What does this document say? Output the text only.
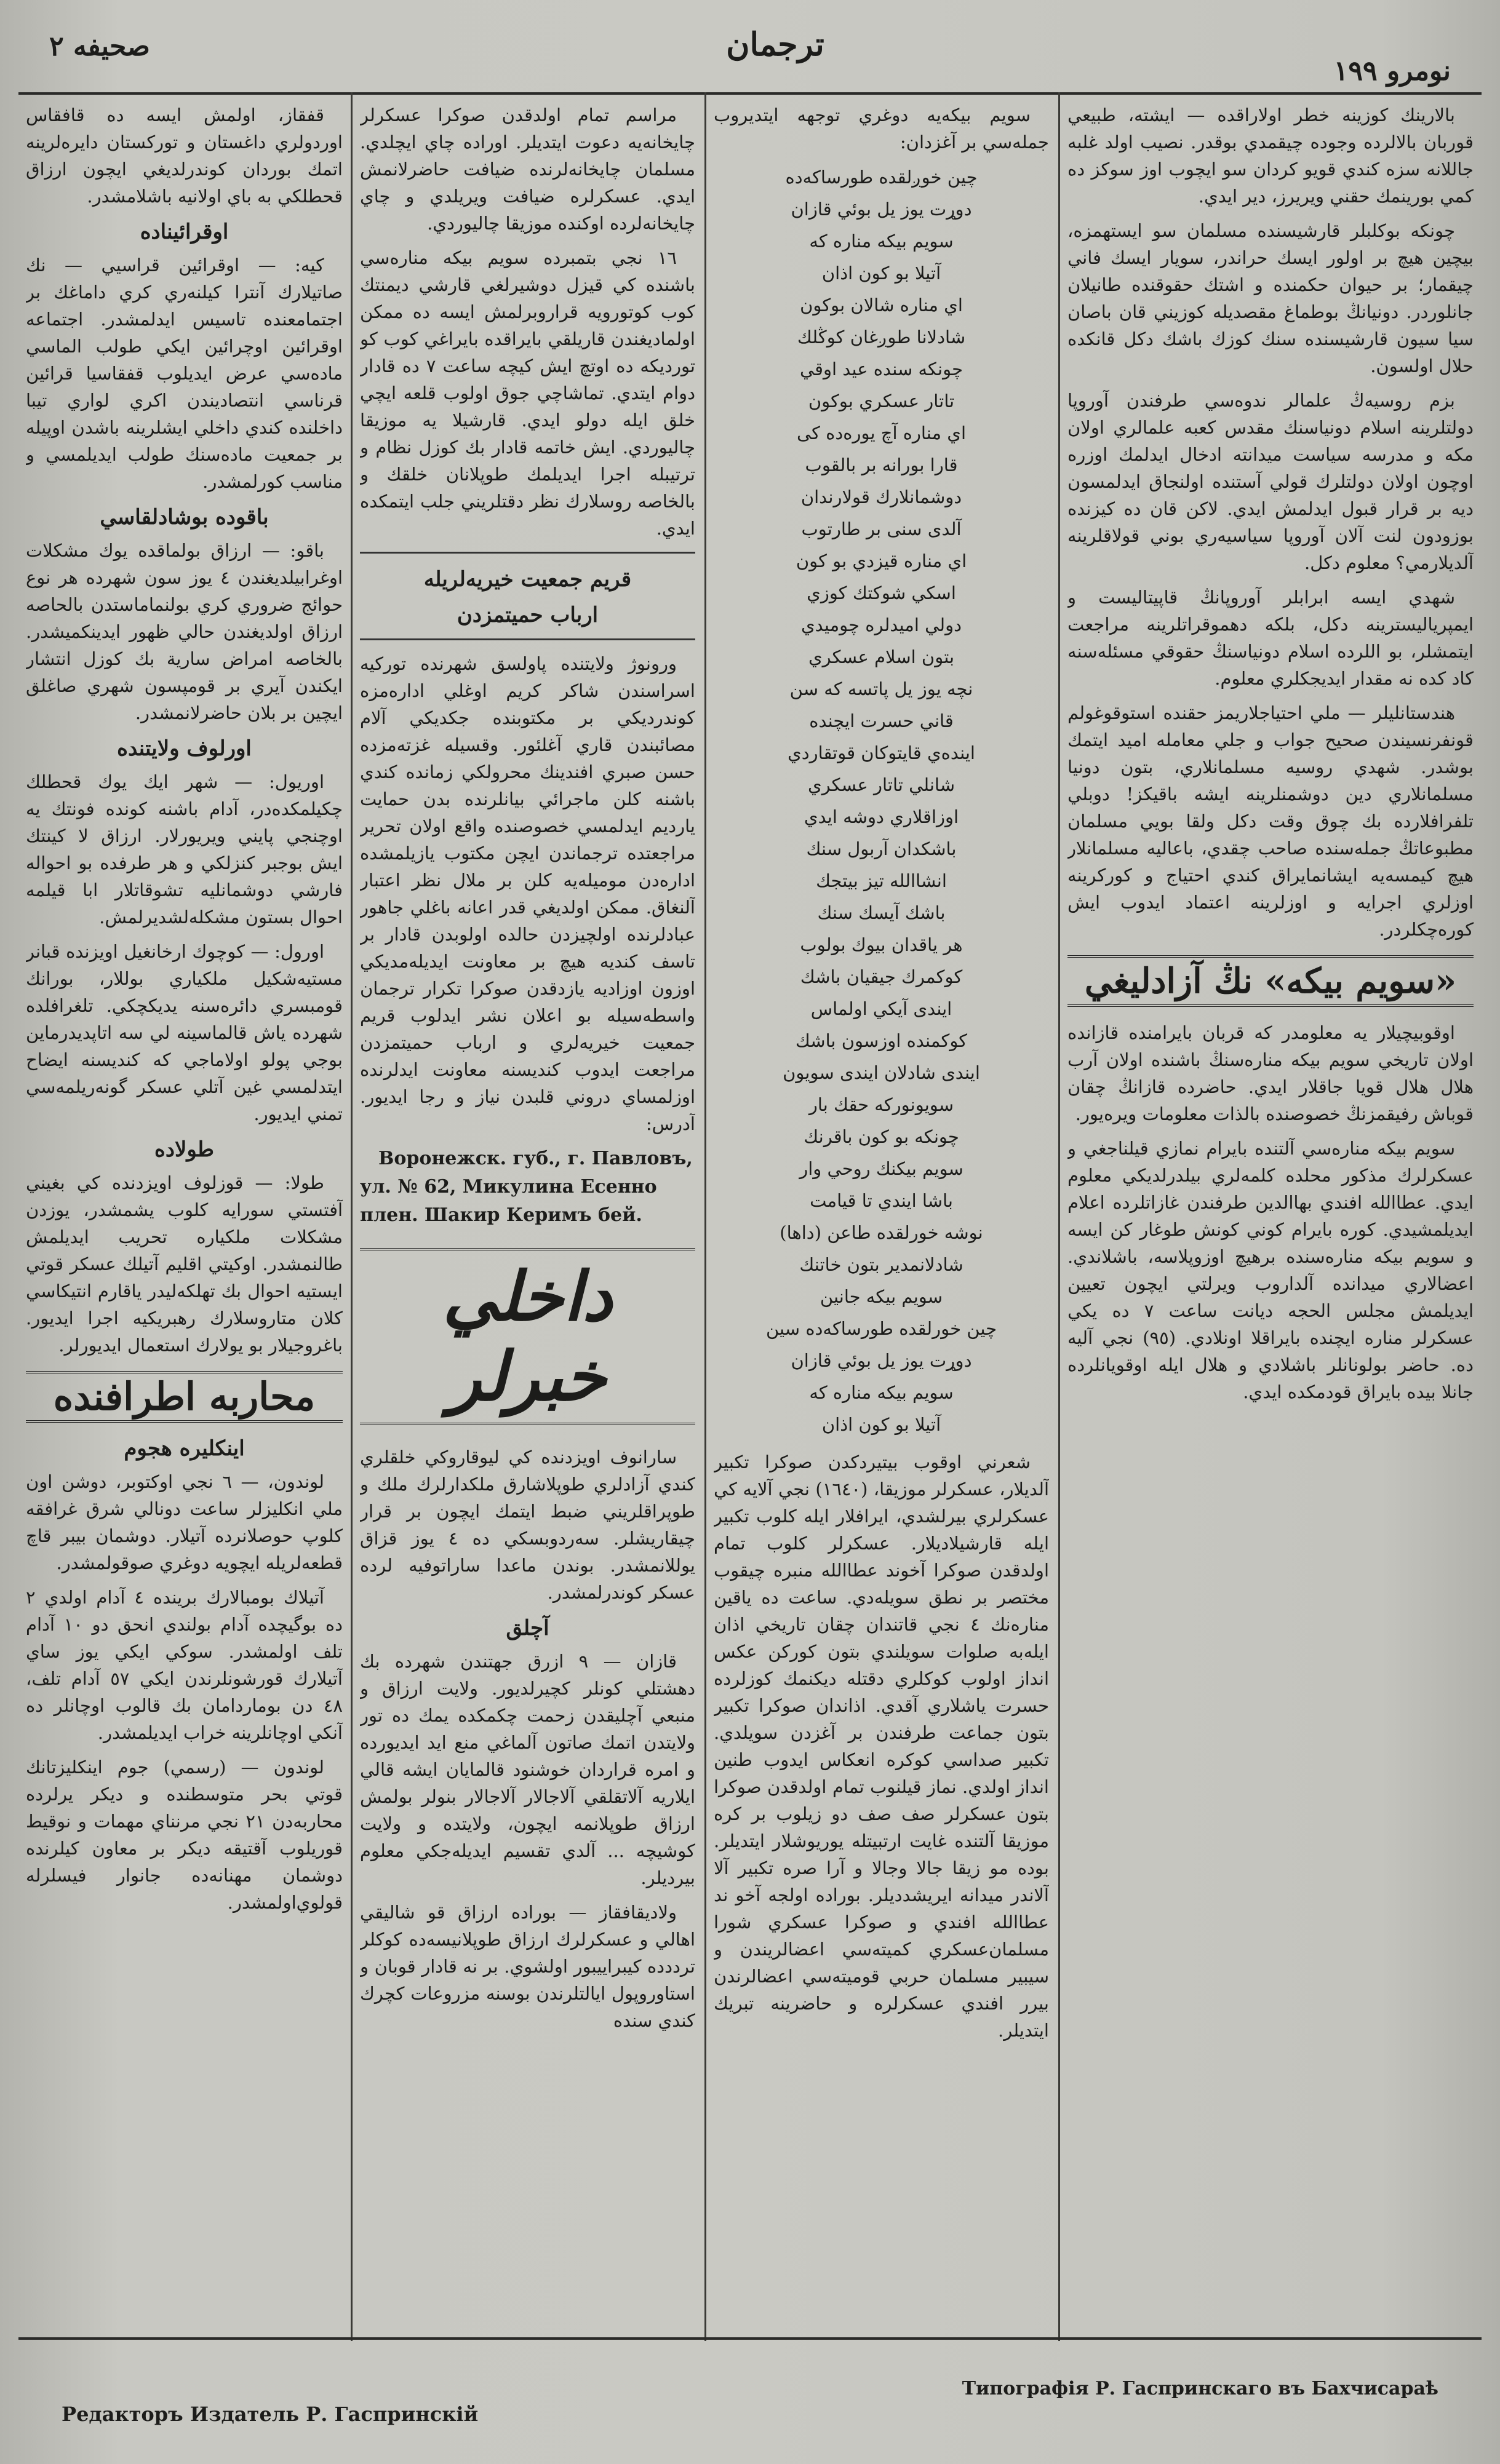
صحيفه ٢	ترجمان
نومرو ١٩٩

بالارينك كوزينه خطر اولاراقده — ايشته، طبيعي قوربان بالالرده وجوده چيقمدي بوقدر. نصيب اولد غلبه جاللانه سزه كندي قويو كردان سو ايچوب اوز سوكز ده كمي بورينمك حقني ويريرز، دير ايدي.

چونكه بوكلبلر قارشيسنده مسلمان سو ايستهمزه، بيچين هيچ بر اولور ايسك حراندر، سويار ايسك فاني چيقمار؛ بر حيوان حكمنده و اشتك حقوقنده طانيلان جانلوردر. دونيانڭ بوطماغ مقصديله كوزيني قان باصان سيا سيون قارشيسنده سنك كوزك باشك دكل قانكده حلال اولسون.

بزم روسيه‌ڭ علمالر ندوه‌سي طرفندن آوروپا دولتلرينه اسلام دونياسنك مقدس كعبه علمالري اولان مكه و مدرسه سياست ميدانته ادخال ايدلمك اوزره اوچون اولان دولتلرك قولي آستنده اولنجاق ايدلمسون ديه بر قرار قبول ايدلمش ايدي. لاكن قان ده كيزنده بوزودون لنت آلان آوروپا سياسيه‌ري بوني قولاقلرينه آلديلارمي؟ معلوم دكل.

شهدي ايسه ابرابلر آوروپانڭ قاپيتاليست و ايمپرياليسترينه دكل، بلكه دهموقراتلرينه مراجعت ايتمشلر، بو اللرده اسلام دونياسنڭ حقوقي مسئله‌سنه كاد كده نه مقدار ايديجكلري معلوم.

هندستانليلر — ملي احتياجلاريمز حقنده استوقوغولم قونفرنسيندن صحيح جواب و جلي معامله اميد ايتمك بوشدر. شهدي روسيه مسلمانلاري، بتون دونيا مسلمانلاري دين دوشمنلرينه ايشه باقيكز! دوبلي تلفرافلارده بك چوق وقت دكل ولقا بويي مسلمان مطبوعاتڭ جمله‌سنده صاحب چقدي، باعاليه مسلمانلار هيچ كيمسه‌يه ايشانمايراق كندي احتياج و كوركرينه اوزلري اجرايه و اوزلرينه اعتماد ايدوب ايش كوره‌چكلردر.

«سويم بيكه» نڭ آزادليغي

اوقوبيچيلار يه معلومدر كه قربان بايرامنده قازانده اولان تاريخي سويم بيكه مناره‌سنڭ باشنده اولان آرب هلال هلال قويا جاقلار ايدي. حاضرده قازانڭ چقان قوباش رفيقمزنڭ خصوصنده بالذات معلومات ويره‌يور.

سويم بيكه مناره‌سي آلتنده بايرام نمازي قيلناجغي و عسكرلرك مذكور محلده كلمه‌لري بيلدرلديكي معلوم ايدي. عطاالله افندي بهاالدين طرفندن غازاتلرده اعلام ايديلمشيدي. كوره بايرام كوني كونش طوغار كن ايسه و سويم بيكه مناره‌سنده برهيچ اوزوپلاسه، باشلاندي. اعضالاري ميدانده آلداروب ويرلتي ايچون تعيين ايديلمش مجلس الحجه ديانت ساعت ٧ ده يكي عسكرلر مناره ايچنده بايراقلا اونلادي. (٩٥) نجي آليه ده. حاضر بولونانلر باشلادي و هلال ايله اوقويانلرده جانلا بيده بايراق قودمكده ايدي.

سويم بيكه‌يه دوغري توجهه ايتديروب جمله‌سي بر آغزدان:

چين خوږلقده طورساكه‌ده
دوړت يوز يل بوئي قازان
سويم بيكه مناره كه
آتيلا بو كون اذان
اي مناره شالان بوكون
شادلانا طوږغان كوڭلك
چونكه سنده عيد اوقي
تاتار عسكري بوكون
اي مناره آچ يوره‌ده كى
قارا بورانه بر بالقوب
دوشمانلارك قولارندان
آلدى سنى بر طارتوب
اي مناره قيزدي بو كون
اسكي شوكتك كوزي
دولي اميدلره چوميدي
بتون اسلام عسكري
نچه يوز يل پاتسه كه سن
قاني حسرت ايچنده
اينده‌ي قايتوكان قوتقاردي
شانلي تاتار عسكري
اوزاقلاري دوشه ايدي
باشكدان آربول سنك
انشاالله تيز بيتجك
باشك آيسك سنك
هر ياقدان بيوك بولوب
كوكمرك جيقيان باشك
ايندى آيكي اولماس
كوكمنده اوزسون باشك
ايندى شادلان ايندى سويون
سويونوركه حقك بار
چونكه بو كون باقرنك
سويم بيكنك روحي وار
باشا ايندي تا قيامت
نوشه خورلقده طاعن (داها)
شادلانمدير بتون خاتنك
سويم بيكه جانين
چين خورلقده طورساكه‌ده سين
دوړت يوز يل بوئي قازان
سويم بيكه مناره كه
آتيلا بو كون اذان

شعرني اوقوب بيتيردكدن صوكرا تكبير آلديلار، عسكرلر موزيقا، (١٦٤٠) نجي آلايه كي عسكرلري بيرلشدي، ايرافلار ايله كلوب تكبير ايله قارشيلاديلار. عسكرلر كلوب تمام اولدقدن صوكرا آخوند عطاالله منبره چيقوب مختصر بر نطق سويله‌دي. ساعت ده ياقين مناره‌نك ٤ نجي قاتندان چقان تاريخي اذان ايله‌به صلوات سويلندي بتون كوركن عكس انداز اولوب كوكلري دقتله ديكنمك كوزلرده حسرت ياشلاري آقدي. اذاندان صوكرا تكبير بتون جماعت طرفندن بر آغزدن سويلدي. تكبير صداسي كوكره انعكاس ايدوب طنين انداز اولدي. نماز قيلنوب تمام اولدقدن صوكرا بتون عسكرلر صف صف دو زيلوب بر كره موزيقا آلتنده غايت ارتبيتله يوريوشلار ايتديلر. بوده مو زيقا جالا وجالا و آرا صره تكبير آلا آلاندر ميدانه ايريشدديلر. بوراده اولجه آخو ند عطاالله افندي و صوكرا عسكري شورا مسلمان‌عسكري كميته‌سي اعضالريندن و سيبير مسلمان حربي قوميته‌سي اعضالرندن بيرر افندي عسكرلره و حاضرينه تبريك ايتديلر.

مراسم تمام اولدقدن صوكرا عسكرلر چايخانه‌يه دعوت ايتديلر. اوراده چاي ايچلدي. مسلمان چايخانه‌لرنده ضيافت حاضرلانمش ايدي. عسكرلره ضيافت ويريلدي و چاي چايخانه‌لرده اوكنده موزيقا چاليوردي.

١٦ نجي بتمبرده سويم بيكه مناره‌سي باشنده كي قيزل دوشيرلغي قارشي ديمنتك كوب كوتورويه قراروبرلمش ايسه ده ممكن اولماديغندن قاريلقي بايراقده بايراغي كوب كو تورديكه ده اوتچ ايش كيچه ساعت ٧ ده قادار دوام ايتدي. تماشاچي جوق اولوب قلعه ايچي خلق ايله دولو ايدي. قارشيلا يه موزيقا چاليوردي. ايش خاتمه قادار بك كوزل نظام و ترتيبله اجرا ايديلمك طوپلانان خلقك و بالخاصه روسلارك نظر دقتلريني جلب ايتمكده ايدي.

قريم جمعيت خيريه‌لريله
ارباب حميتمزدن

ورونوژ ولايتنده پاولسق شهرنده توركيه اسراسندن شاكر كريم اوغلي اداره‌مزه كوندرديكي بر مكتوبنده جكديكي آلام مصائبندن قاري آغلئور. وقسيله غزته‌مزده حسن صبري افندينك محرولكي زمانده كندي باشنه كلن ماجرائي بيانلرنده بدن حمايت يارديم ايدلمسي خصوصنده واقع اولان تحرير مراجعتده ترجماندن ايچن مكتوب يازيلمشده اداره‌دن موميله‌يه كلن بر ملال نظر اعتبار آلنغاق. ممكن اولديغي قدر اعانه باغلي جاهور عبادلرنده اولچيزدن حالده اولوبدن قادار بر تاسف كنديه هيچ بر معاونت ايديله‌مديكي اوزون اوزاديه يازدقدن صوكرا تكرار ترجمان واسطه‌سيله بو اعلان نشر ايدلوب قريم جمعيت خيريه‌لري و ارباب حميتمزدن مراجعت ايدوب كنديسنه معاونت ايدلرنده اوزلمساي دروني قلبدن نياز و رجا ايديور. آدرس:

Воронежск. губ., г. Павловъ, ул. № 62, Микулина Есенно плен. Шакир Керимъ бей.

داخلي خبرلر

سارانوف اويزدنده كي ليوقاروكي خلقلري كندي آزادلري طوپلاشارق ملكدارلرك ملك و طوپراقلريني ضبط ايتمك ايچون بر قرار چيقاريشلر. سه‌ردوبسكي ده ٤ يوز قزاق يوللانمشدر. بوندن ماعدا ساراتوفيه لرده عسكر كوندرلمشدر.

آچلق

قازان — ٩ ازرق جهتندن شهرده بك دهشتلي كونلر كچيرلديور. ولايت ارزاق و منبعي آچليقدن زحمت چكمكده يمك ده تور ولايتدن اتمك صاتون آلماغي منع ايد ايديورده و امره قراردان خوشنود قالمايان ايشه قالي ايلاريه آلاتقلقي آلاجالار آلاجالار بنولر بولمش ارزاق طوپلانمه ايچون، ولايتده و ولايت كوشيچه ... آلدي تقسيم ايديله‌جكي معلوم بيرديلر.

ولاديقافقاز — بوراده ارزاق قو شاليقي اهالي و عسكرلرك ارزاق طوپلانيسه‌ده كوكلر ترددده كيبراييبور اولشوي. بر نه قادار قوبان و استاوروپول ايالتلرندن بوسنه مزروعات كچرك كندي سنده

قفقاز، اولمش ايسه ده قافقاس اوردولري داغستان و تورکستان دايره‌لرينه اتمك بوردان كوندرلديغي ايچون ارزاق قحطلكي به باي اولانيه باشلامشدر.

اوقرائيناده

كيه: — اوقرائين قراسيي — نك صاتيلارك آنترا كيلنه‌ري كري داماغك بر اجتمامعنده تاسيس ايدلمشدر. اجتماعه اوقرائين اوچرائين ايكي طولب الماسي ماده‌سي عرض ايديلوب قفقاسيا قرائين قرناسي انتصاديندن اكري لواري تيبا داخلنده كندي داخلي ايشلرينه باشدن اوپيله بر جمعيت ماده‌سنك طولب ايديلمسي و مناسب كورلمشدر.

باقوده بوشادلقاسي

باقو: — ارزاق بولماقده يوك مشكلات اوغرابيلديغندن ٤ يوز سون شهرده هر نوع حوائج ضروري كري بولنماماستدن بالحاصه ارزاق اولديغندن حالي ظهور ايدينكميشدر. بالخاصه امراض سارية بك كوزل انتشار ايكندن آيري بر قومپسون شهري صاغلق ايچين بر بلان حاضرلانمشدر.

اورلوف ولايتنده

اوريول: — شهر ايك يوك قحطلك چكيلمكده‌در، آدام باشنه كونده فونتك يه اوچنجي پايني ويريورلار. ارزاق لا كينتك ايش بوجبر كنزلكي و هر طرفده بو احواله فارشي دوشمانليه تشوقاتلار ابا قيلمه احوال بستون مشكله‌لشديرلمش.

اورول: — كوچوك ارخانغيل اويزنده قبانر مستيه‌شكيل ملكياري بوللار، بورانك قومبسري دائره‌سنه يديكچكي. تلغرافلده شهرده ياش قالماسينه لي سه اتاپديدرماين بوجي پولو اولاماجي كه كنديسنه ايضاح ايتدلمسي غين آتلي عسكر گونه‌ريلمه‌سي تمني ايديور.

طولاده

طولا: — قوزلوف اويزدنده كي بغيني آفتستي سورايه كلوب يشمشدر، يوزدن مشكلات ملكياره تحريب ايديلمش طالنمشدر. اوكيتي اقليم آتيلك عسكر قوتي ايستيه احوال بك تهلكه‌ليدر ياقارم انتيكاسي كلان متاروسلارك رهبريكيه اجرا ايديور. باغروجيلار بو يولارك استعمال ايديورلر.

محاربه اطرافنده
اينكليره هجوم

لوندون، — ٦ نجي اوكتوبر، دوشن اون ملي انكليزلر ساعت دونالي شرق غرافقه كلوپ حوصلانرده آتيلار. دوشمان بيبر قاچ قطعه‌لريله ايچويه دوغري صوقولمشدر.

آتيلاك بومبالارك برينده ٤ آدام اولدي ٢ ده بوگيچده آدام بولندي انحق دو ١٠ آدام تلف اولمشدر. سوكي ايكي يوز ساي آتيلارك قورشونلرندن ايكي ٥٧ آدام تلف، ٤٨ دن بوماردامان بك قالوب اوچانلر ده آنكي اوچانلرينه خراب ايديلمشدر.

لوندون — (رسمي) جوم اينكليزتانك قوتي بحر متوسطنده و ديكر يرلرده محاربه‌دن ٢١ نجي مرنناي مهمات و نوقيط قوريلوب آقتيقه ديكر بر معاون كيلرنده دوشمان مهنانه‌ده جانوار فيسلرله قولوي‌اولمشدر.

Редакторъ Издатель Р. Гаспринскій
Типографія Р. Гаспринскаго въ Бахчисараѣ
